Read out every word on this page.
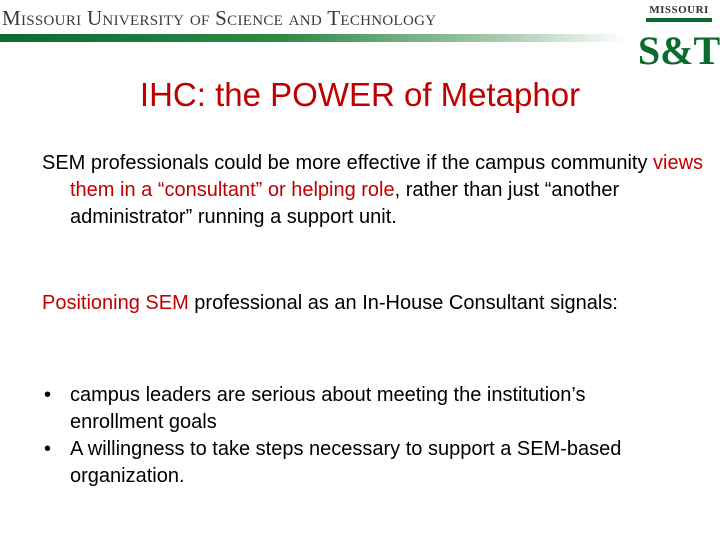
Missouri University of Science and Technology	MISSOURI
S&T
IHC: the POWER of Metaphor
SEM professionals could be more effective if the campus community views them in a “consultant” or helping role, rather than just “another administrator” running a support unit.
Positioning SEM professional as an In-House Consultant signals:
• campus leaders are serious about meeting the institution’s enrollment goals
• A willingness to take steps necessary to support a SEM-based organization.
